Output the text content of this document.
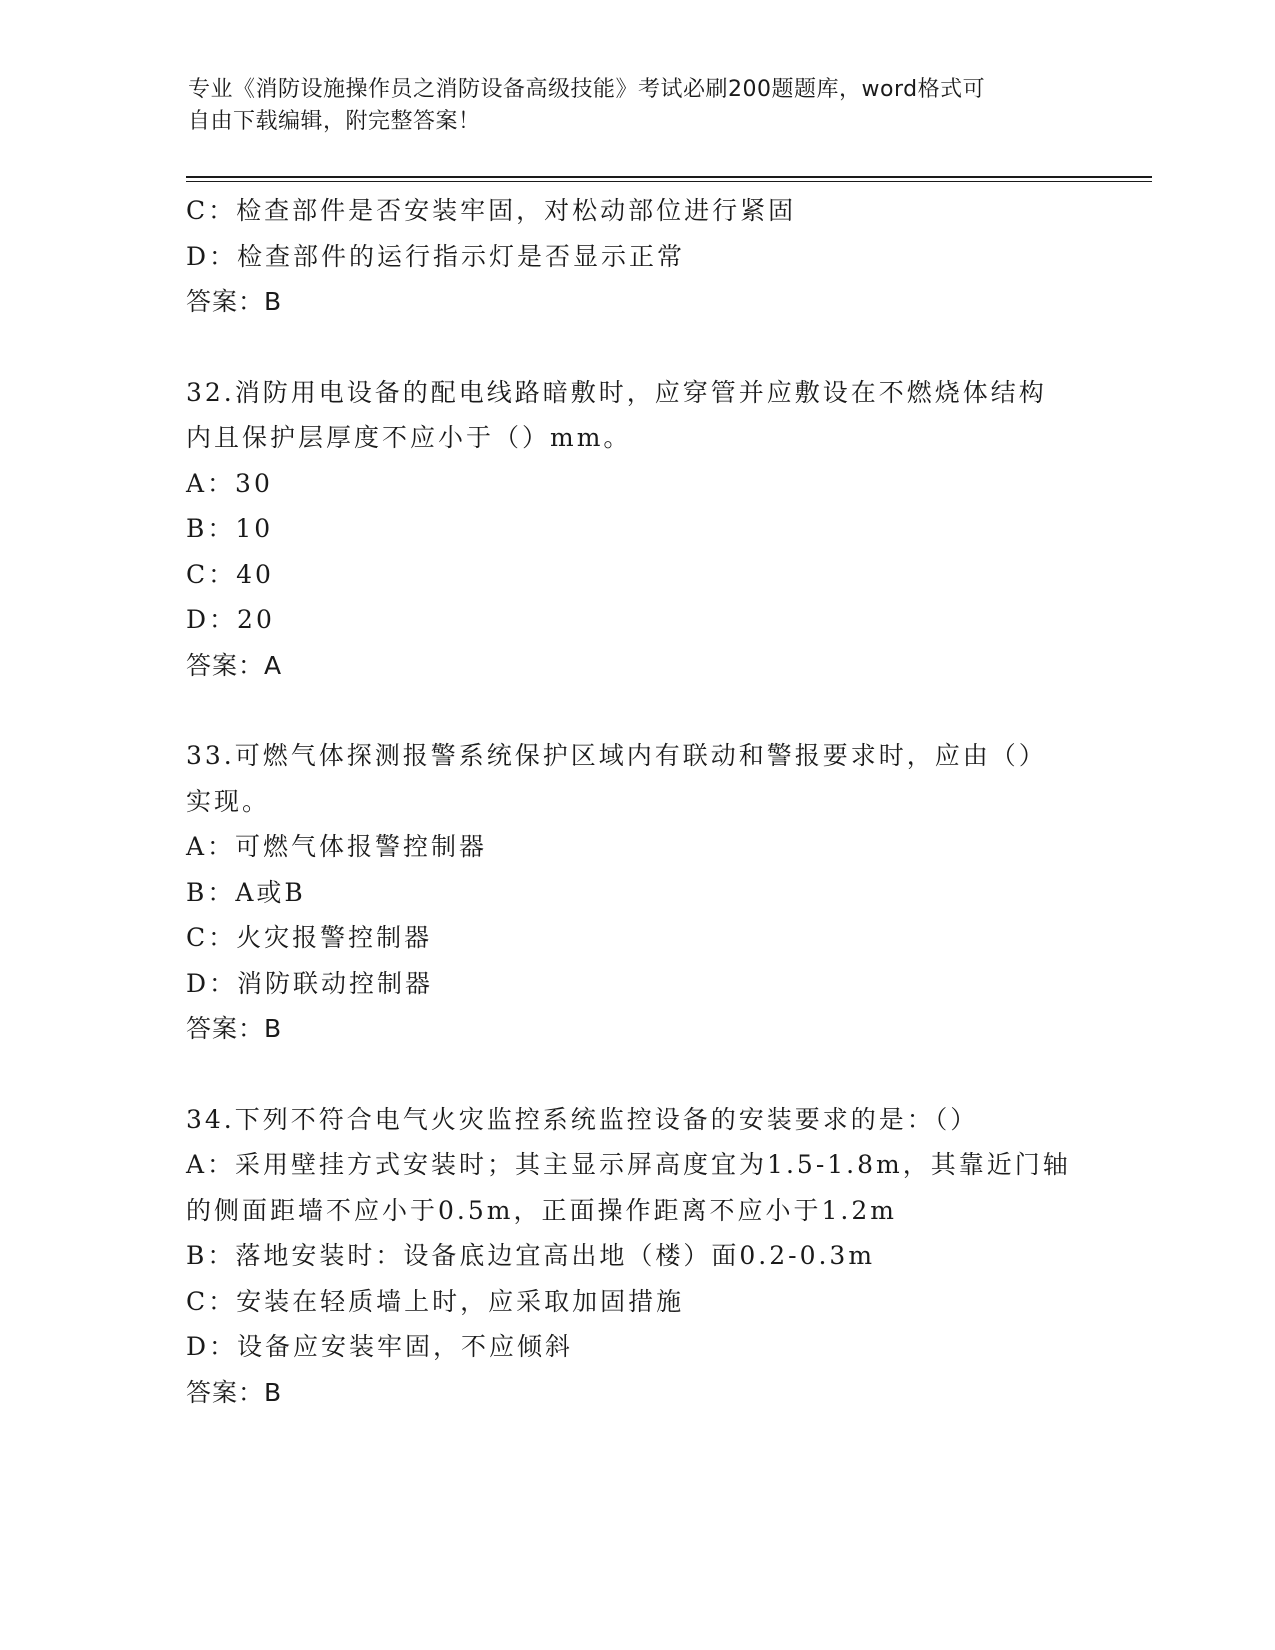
专业《消防设施操作员之消防设备高级技能》考试必刷200题题库，word格式可
自由下载编辑，附完整答案！
C：检查部件是否安装牢固，对松动部位进行紧固
D：检查部件的运行指示灯是否显示正常
答案：B
32.消防用电设备的配电线路暗敷时，应穿管并应敷设在不燃烧体结构
内且保护层厚度不应小于（）mm。
A：30
B：10
C：40
D：20
答案：A
33.可燃气体探测报警系统保护区域内有联动和警报要求时，应由（）
实现。
A：可燃气体报警控制器
B：A或B
C：火灾报警控制器
D：消防联动控制器
答案：B
34.下列不符合电气火灾监控系统监控设备的安装要求的是：（）
A：采用壁挂方式安装时；其主显示屏高度宜为1.5-1.8m，其靠近门轴
的侧面距墙不应小于0.5m，正面操作距离不应小于1.2m
B：落地安装时：设备底边宜高出地（楼）面0.2-0.3m
C：安装在轻质墙上时，应采取加固措施
D：设备应安装牢固，不应倾斜
答案：B
